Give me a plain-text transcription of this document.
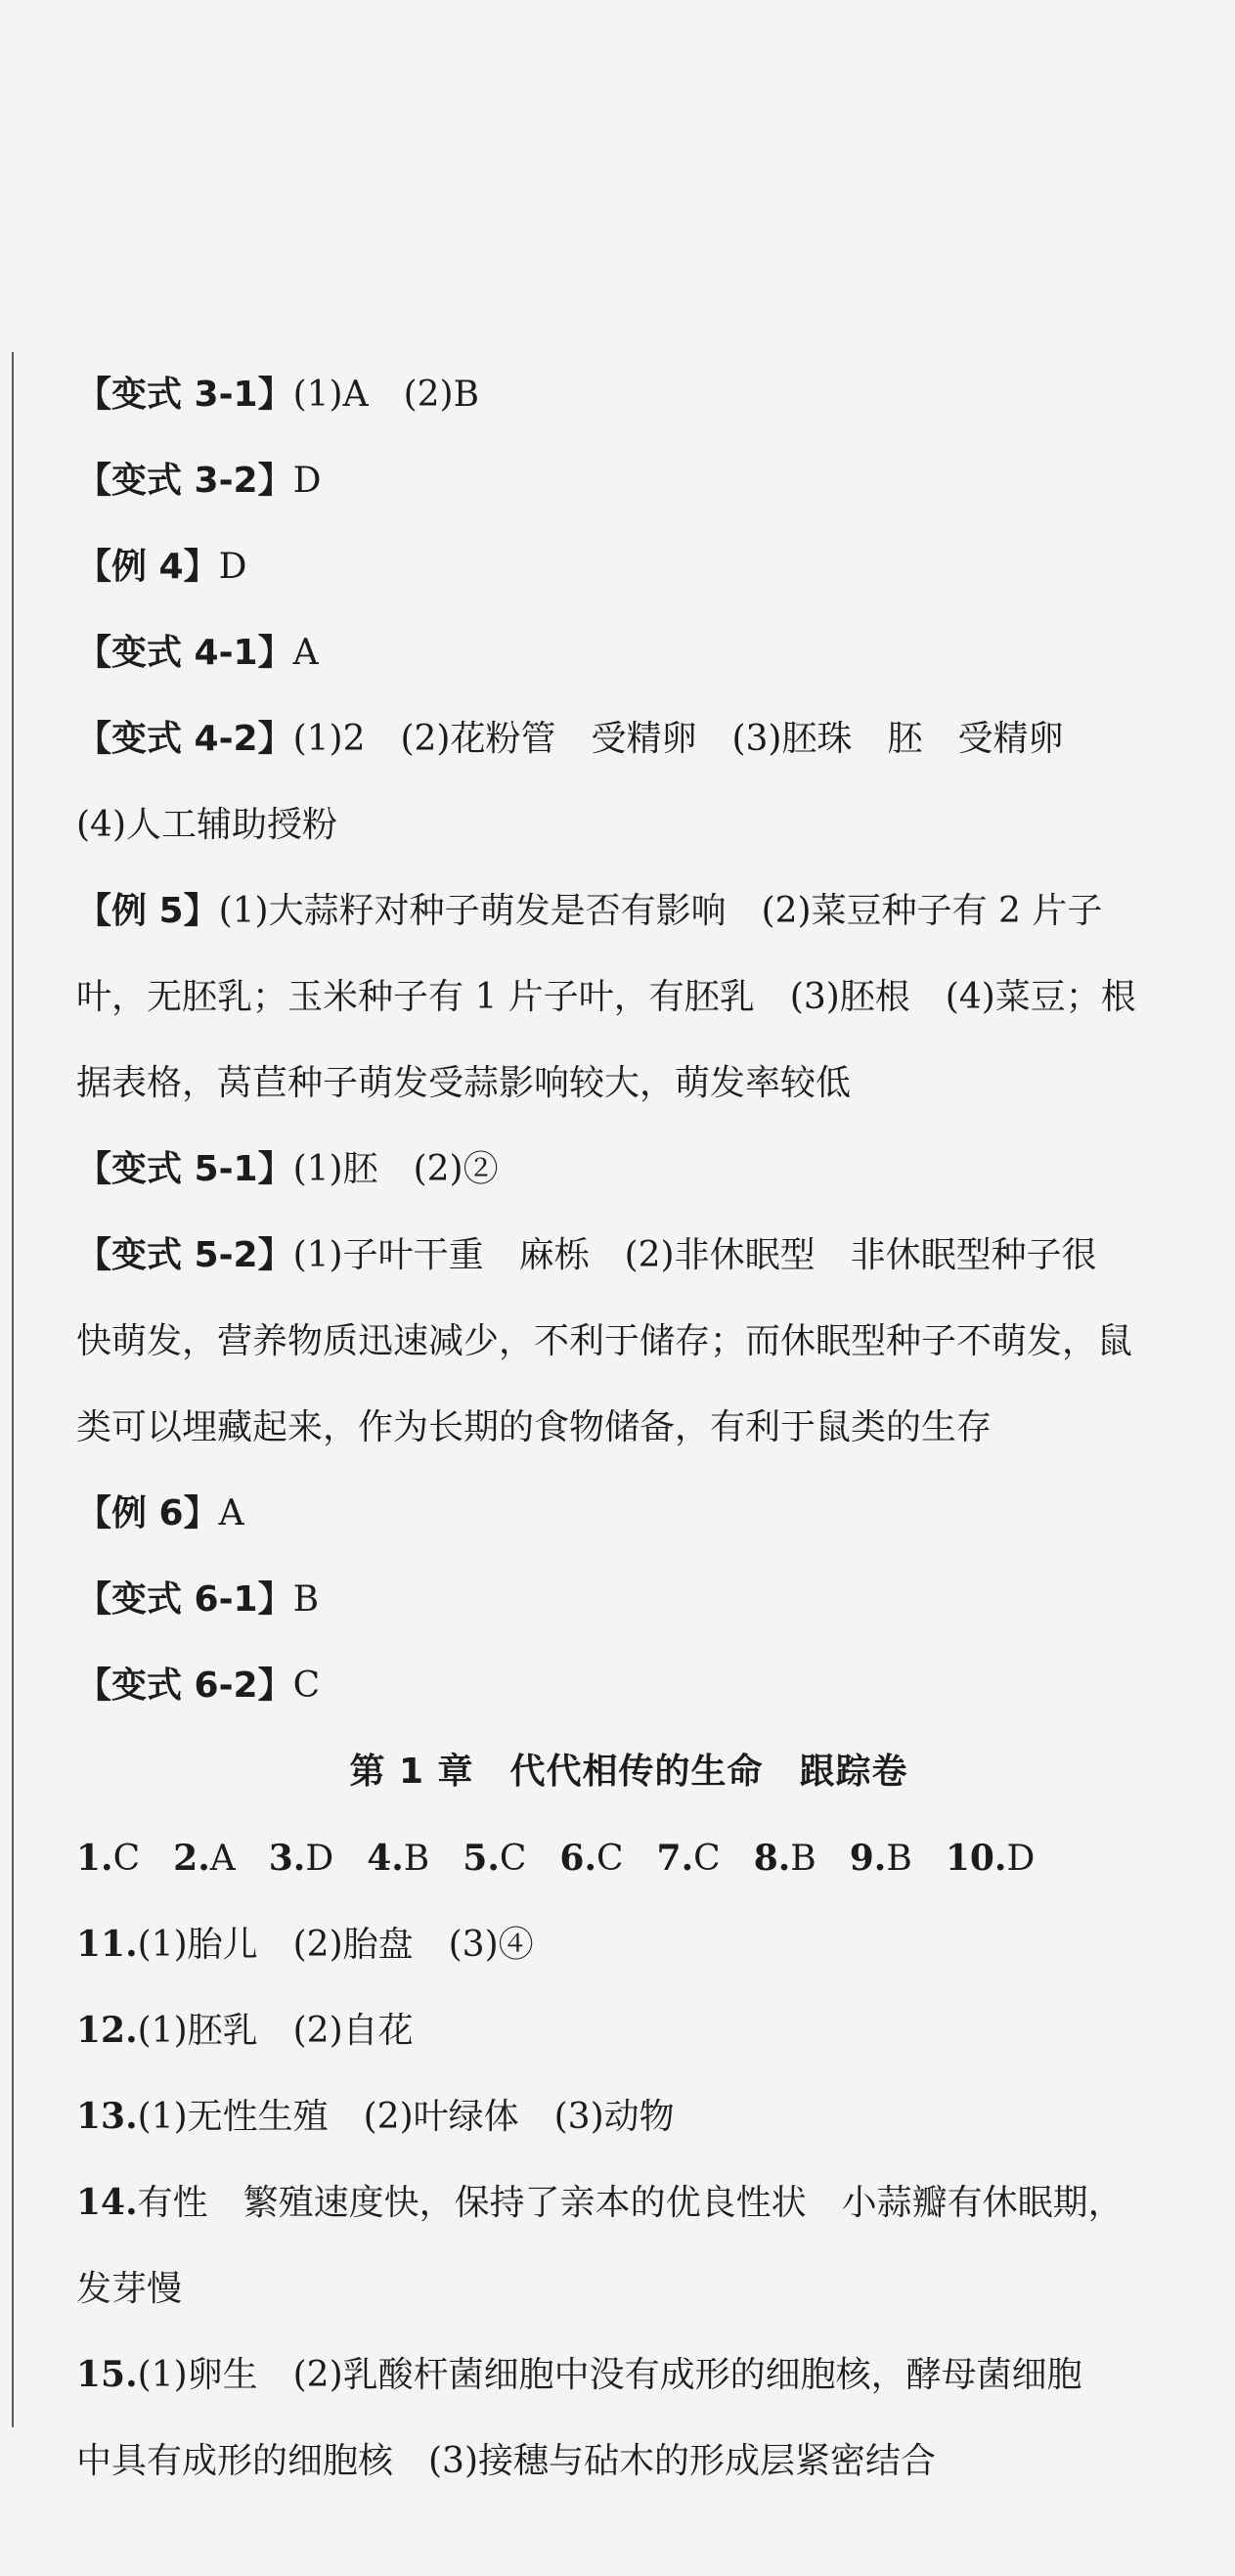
【变式 3-1】(1)A　(2)B
【变式 3-2】D
【例 4】D
【变式 4-1】A
【变式 4-2】(1)2　(2)花粉管　受精卵　(3)胚珠　胚　受精卵
(4)人工辅助授粉
【例 5】(1)大蒜籽对种子萌发是否有影响　(2)菜豆种子有 2 片子
叶，无胚乳；玉米种子有 1 片子叶，有胚乳　(3)胚根　(4)菜豆；根
据表格，莴苣种子萌发受蒜影响较大，萌发率较低
【变式 5-1】(1)胚　(2)②
【变式 5-2】(1)子叶干重　麻栎　(2)非休眠型　非休眠型种子很
快萌发，营养物质迅速减少，不利于储存；而休眠型种子不萌发，鼠
类可以埋藏起来，作为长期的食物储备，有利于鼠类的生存
【例 6】A
【变式 6-1】B
【变式 6-2】C
第 1 章　代代相传的生命　跟踪卷
1.C 2.A 3.D 4.B 5.C 6.C 7.C 8.B 9.B 10.D
11.(1)胎儿　(2)胎盘　(3)④
12.(1)胚乳　(2)自花
13.(1)无性生殖　(2)叶绿体　(3)动物
14.有性　繁殖速度快，保持了亲本的优良性状　小蒜瓣有休眠期，
发芽慢
15.(1)卵生　(2)乳酸杆菌细胞中没有成形的细胞核，酵母菌细胞
中具有成形的细胞核　(3)接穗与砧木的形成层紧密结合
